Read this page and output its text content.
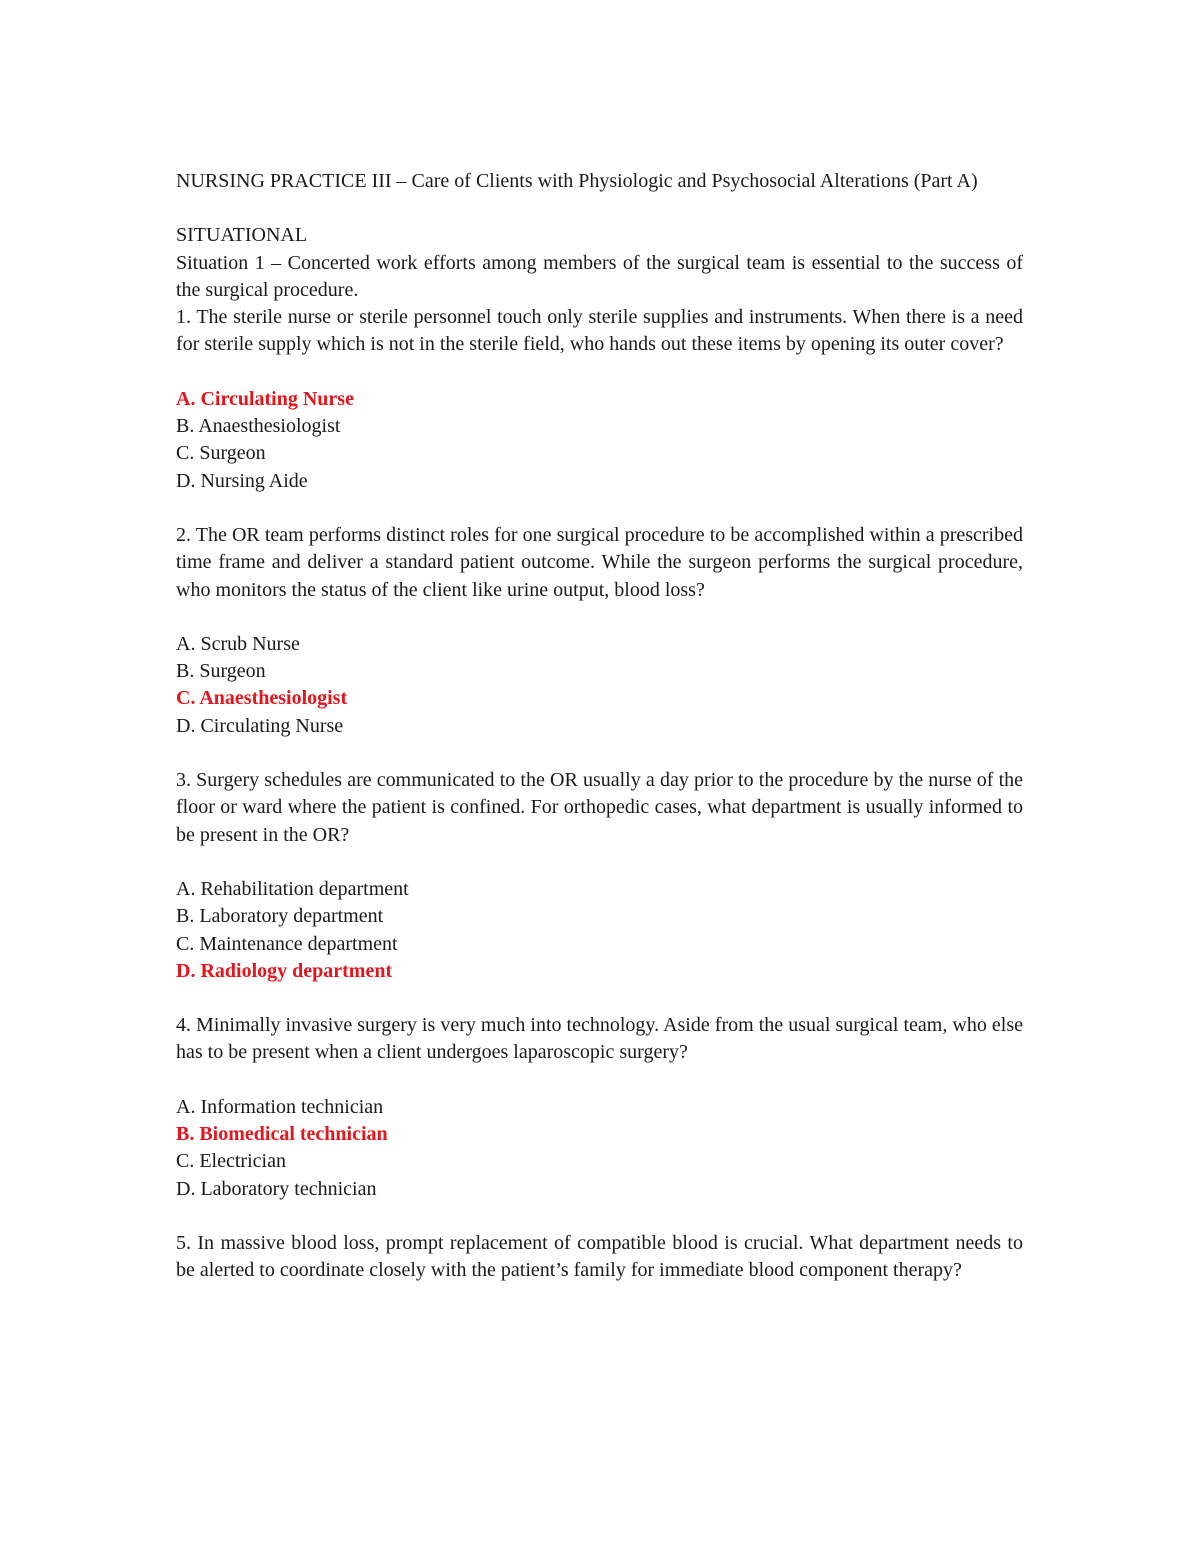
NURSING PRACTICE III – Care of Clients with Physiologic and Psychosocial Alterations (Part A)

SITUATIONAL

Situation 1 – Concerted work efforts among members of the surgical team is essential to the success of the surgical procedure.

1. The sterile nurse or sterile personnel touch only sterile supplies and instruments. When there is a need for sterile supply which is not in the sterile field, who hands out these items by opening its outer cover?

A. Circulating Nurse

B. Anaesthesiologist

C. Surgeon

D. Nursing Aide

2. The OR team performs distinct roles for one surgical procedure to be accomplished within a prescribed time frame and deliver a standard patient outcome. While the surgeon performs the surgical procedure, who monitors the status of the client like urine output, blood loss?

A. Scrub Nurse

B. Surgeon

C. Anaesthesiologist

D. Circulating Nurse

3. Surgery schedules are communicated to the OR usually a day prior to the procedure by the nurse of the floor or ward where the patient is confined. For orthopedic cases, what department is usually informed to be present in the OR?

A. Rehabilitation department

B. Laboratory department

C. Maintenance department

D. Radiology department

4. Minimally invasive surgery is very much into technology. Aside from the usual surgical team, who else has to be present when a client undergoes laparoscopic surgery?

A. Information technician

B. Biomedical technician

C. Electrician

D. Laboratory technician

5. In massive blood loss, prompt replacement of compatible blood is crucial. What department needs to be alerted to coordinate closely with the patient’s family for immediate blood component therapy?
